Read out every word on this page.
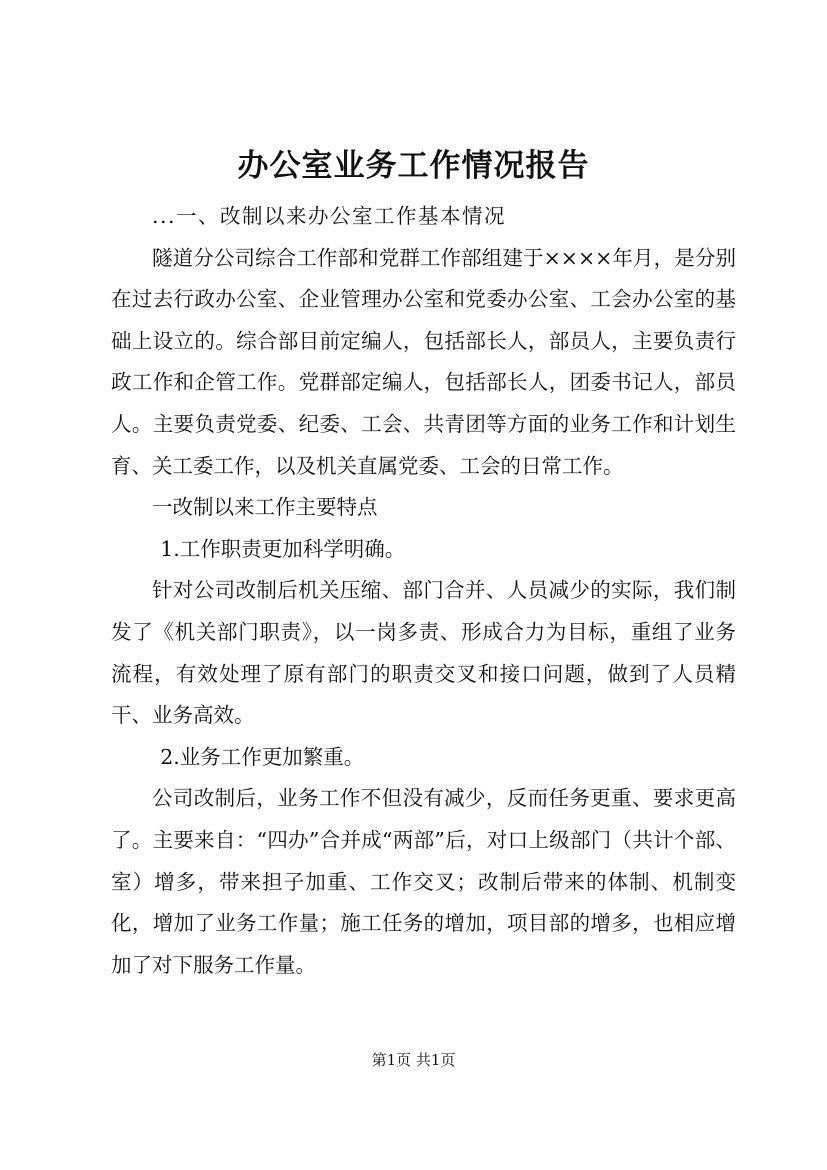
办公室业务工作情况报告

...一、改制以来办公室工作基本情况

隧道分公司综合工作部和党群工作部组建于××××年月，是分别在过去行政办公室、企业管理办公室和党委办公室、工会办公室的基础上设立的。综合部目前定编人，包括部长人，部员人，主要负责行政工作和企管工作。党群部定编人，包括部长人，团委书记人，部员人。主要负责党委、纪委、工会、共青团等方面的业务工作和计划生育、关工委工作，以及机关直属党委、工会的日常工作。

一改制以来工作主要特点

1.工作职责更加科学明确。

针对公司改制后机关压缩、部门合并、人员减少的实际，我们制发了《机关部门职责》，以一岗多责、形成合力为目标，重组了业务流程，有效处理了原有部门的职责交叉和接口问题，做到了人员精干、业务高效。

2.业务工作更加繁重。

公司改制后，业务工作不但没有减少，反而任务更重、要求更高了。主要来自：“四办”合并成“两部”后，对口上级部门（共计个部、室）增多，带来担子加重、工作交叉；改制后带来的体制、机制变化，增加了业务工作量；施工任务的增加，项目部的增多，也相应增加了对下服务工作量。

第1页 共1页
